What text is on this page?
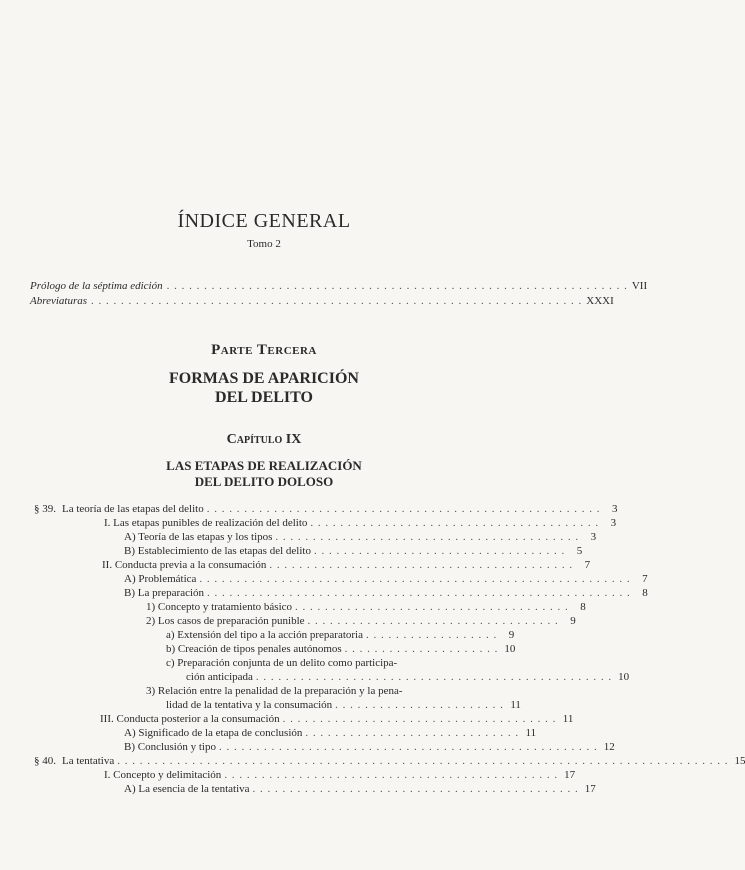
ÍNDICE GENERAL
Tomo 2
Prólogo de la séptima edición . . . . . . . . . . . . . . . . . . . . . . . . . . . . . . . . . . . . . . . . . . . . . . . . . . . . . . . . . . . . . . VII
Abreviaturas . . . . . . . . . . . . . . . . . . . . . . . . . . . . . . . . . . . . . . . . . . . . . . . . . . . . . . . . . . . . . . . . . . XXXI
Parte Tercera
FORMAS DE APARICIÓN
DEL DELITO
Capítulo IX
LAS ETAPAS DE REALIZACIÓN
DEL DELITO DOLOSO
§ 39. La teoría de las etapas del delito . . . . . . . . . . . . . . . . . . . . . . . . . . . . . . . . . . . . . . . . . . . . . . . . . . . . .	3
I. Las etapas punibles de realización del delito . . . . . . . . . . . . . . . . . . . . . . . . . . . . . . . . . . . . . . .	3
A) Teoría de las etapas y los tipos . . . . . . . . . . . . . . . . . . . . . . . . . . . . . . . . . . . . . . . . .	3
B) Establecimiento de las etapas del delito . . . . . . . . . . . . . . . . . . . . . . . . . . . . . . . . . .	5
II. Conducta previa a la consumación . . . . . . . . . . . . . . . . . . . . . . . . . . . . . . . . . . . . . . . . .	7
A) Problemática . . . . . . . . . . . . . . . . . . . . . . . . . . . . . . . . . . . . . . . . . . . . . . . . . . . . . . . . . .	7
B) La preparación . . . . . . . . . . . . . . . . . . . . . . . . . . . . . . . . . . . . . . . . . . . . . . . . . . . . . . . . .	8
1) Concepto y tratamiento básico . . . . . . . . . . . . . . . . . . . . . . . . . . . . . . . . . . . . .	8
2) Los casos de preparación punible . . . . . . . . . . . . . . . . . . . . . . . . . . . . . . . . . .	9
a) Extensión del tipo a la acción preparatoria . . . . . . . . . . . . . . . . . .	9
b) Creación de tipos penales autónomos . . . . . . . . . . . . . . . . . . . . . 10
c) Preparación conjunta de un delito como participa-
ción anticipada . . . . . . . . . . . . . . . . . . . . . . . . . . . . . . . . . . . . . . . . . . . . . . . . 10
3) Relación entre la penalidad de la preparación y la pena-
lidad de la tentativa y la consumación . . . . . . . . . . . . . . . . . . . . . . . 11
III. Conducta posterior a la consumación . . . . . . . . . . . . . . . . . . . . . . . . . . . . . . . . . . . . . 11
A) Significado de la etapa de conclusión . . . . . . . . . . . . . . . . . . . . . . . . . . . . . 11
B) Conclusión y tipo . . . . . . . . . . . . . . . . . . . . . . . . . . . . . . . . . . . . . . . . . . . . . . . . . . . 12
§ 40. La tentativa . . . . . . . . . . . . . . . . . . . . . . . . . . . . . . . . . . . . . . . . . . . . . . . . . . . . . . . . . . . . . . . . . . . . . . . . . . . . . . . . . . 15
I. Concepto y delimitación . . . . . . . . . . . . . . . . . . . . . . . . . . . . . . . . . . . . . . . . . . . . . 17
A) La esencia de la tentativa . . . . . . . . . . . . . . . . . . . . . . . . . . . . . . . . . . . . . . . . . . . . 17
